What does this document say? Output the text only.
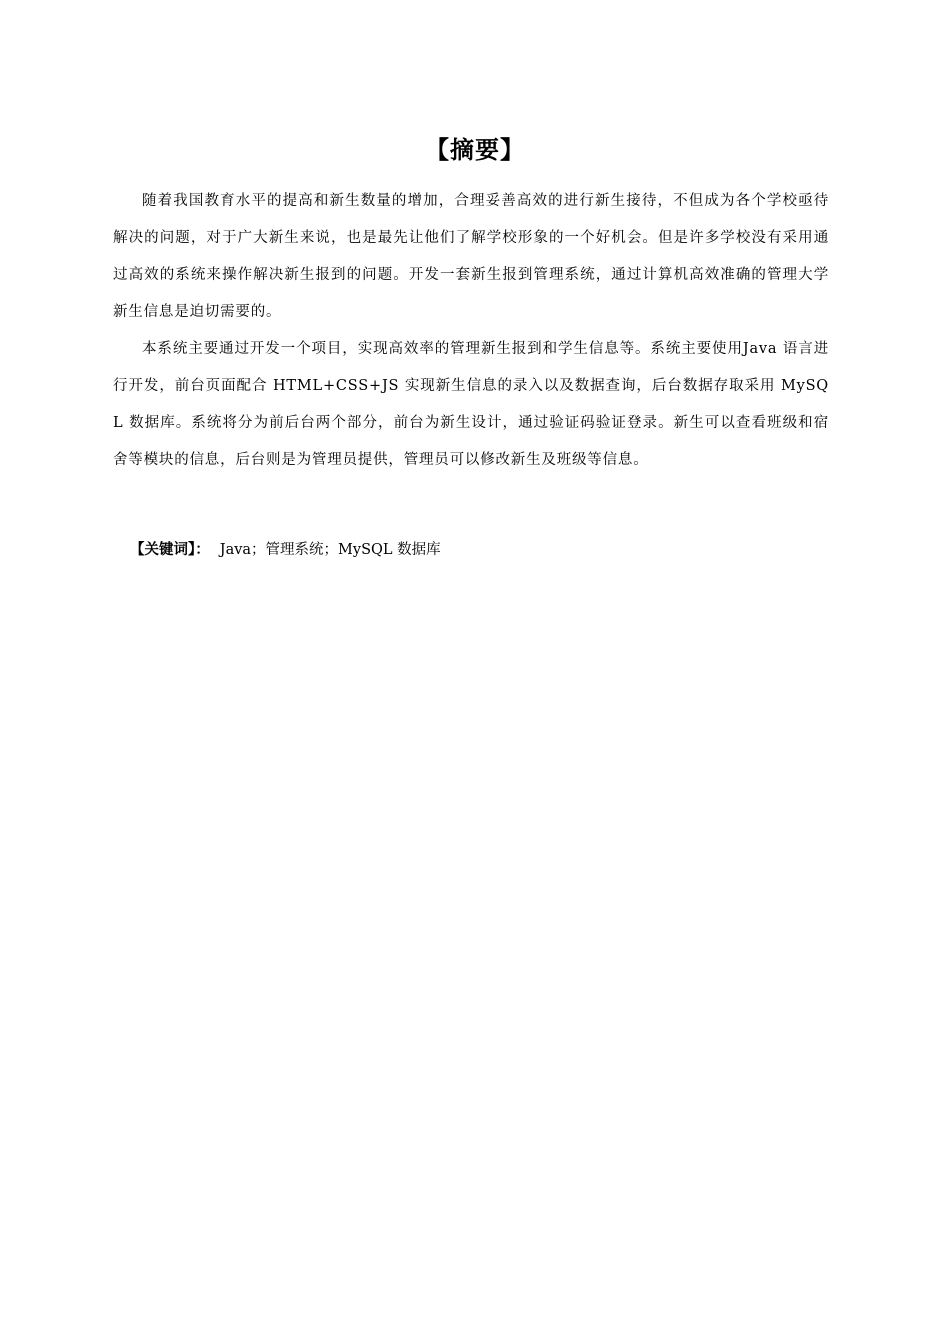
【摘要】

随着我国教育水平的提高和新生数量的增加，合理妥善高效的进行新生接待，不但成为各个学校亟待解决的问题，对于广大新生来说，也是最先让他们了解学校形象的一个好机会。但是许多学校没有采用通过高效的系统来操作解决新生报到的问题。开发一套新生报到管理系统，通过计算机高效准确的管理大学新生信息是迫切需要的。

本系统主要通过开发一个项目，实现高效率的管理新生报到和学生信息等。系统主要使用Java 语言进行开发，前台页面配合 HTML+CSS+JS 实现新生信息的录入以及数据查询，后台数据存取采用 MySQL 数据库。系统将分为前后台两个部分，前台为新生设计，通过验证码验证登录。新生可以查看班级和宿舍等模块的信息，后台则是为管理员提供，管理员可以修改新生及班级等信息。

【关键词】： Java；管理系统；MySQL 数据库
